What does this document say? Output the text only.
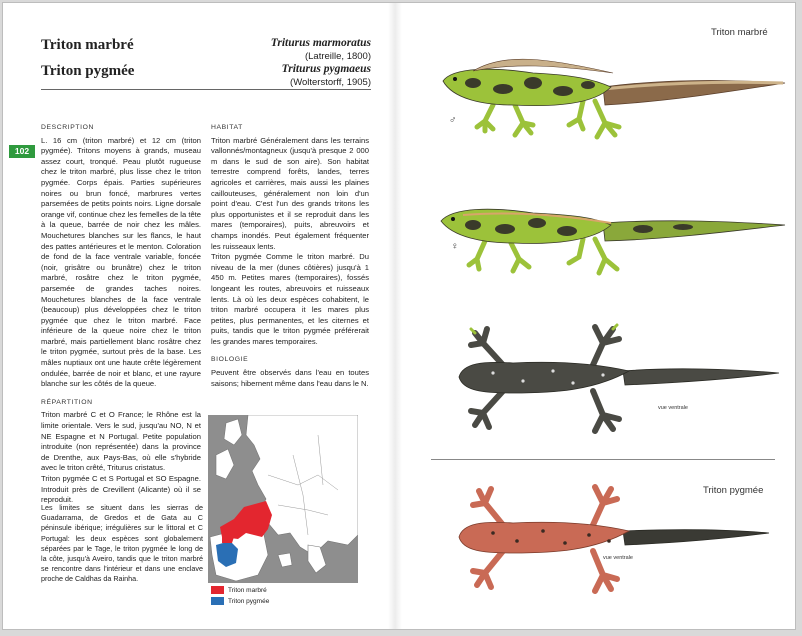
102
Triton marbré	Triturus marmoratus
(Latreille, 1800)
Triton pygmée	Triturus pygmaeus
(Wolterstorff, 1905)
DESCRIPTION

L. 16 cm (triton marbré) et 12 cm (triton pygmée). Tritons moyens à grands, museau assez court, tronqué. Peau plutôt rugueuse chez le triton marbré, plus lisse chez le triton pygmée. Corps épais. Parties supérieures noires ou brun foncé, marbrures vertes parsemées de petits points noirs. Ligne dorsale orange vif, continue chez les femelles de la tête à la queue, barrée de noir chez les mâles. Mouchetures blanches sur les flancs, le haut des pattes antérieures et le menton. Coloration de fond de la face ventrale variable, foncée (noir, grisâtre ou brunâtre) chez le triton marbré, rosâtre chez le triton pygmée, parsemée de grandes taches noires. Mouchetures blanches de la face ventrale (beaucoup) plus développées chez le triton pygmée que chez le triton marbré. Face inférieure de la queue noire chez le triton marbré, mais partiellement blanc rosâtre chez le triton pygmée, surtout près de la base. Les mâles nuptiaux ont une haute crête légèrement ondulée, barrée de noir et blanc, et une rayure blanche sur les côtés de la queue.

RÉPARTITION

Triton marbré C et O France; le Rhône est la limite orientale. Vers le sud, jusqu'au NO, N et NE Espagne et N Portugal. Petite population introduite (non représentée) dans la province de Drenthe, aux Pays-Bas, où elle s'hybride avec le triton crêté, Triturus cristatus.

Triton pygmée C et S Portugal et SO Espagne. Introduit près de Crevillent (Alicante) où il se reproduit.

Les limites se situent dans les sierras de Guadarrama, de Gredos et de Gata au C péninsule ibérique; irrégulières sur le littoral et C Portugal: les deux espèces sont globalement séparées par le Tage, le triton pygmée le long de la côte, jusqu'à Aveiro, tandis que le triton marbré se rencontre dans l'intérieur et dans une enclave proche de Caldhas da Rainha.

HABITAT

Triton marbré Généralement dans les terrains vallonnés/montagneux (jusqu'à presque 2 000 m dans le sud de son aire). Son habitat terrestre comprend forêts, landes, terres agricoles et carrières, mais aussi les plaines caillouteuses, généralement non loin d'un point d'eau. C'est l'un des grands tritons les plus opportunistes et il se reproduit dans les mares (temporaires), puits, abreuvoirs et champs inondés. Peut également fréquenter les ruisseaux lents.

Triton pygmée Comme le triton marbré. Du niveau de la mer (dunes côtières) jusqu'à 1 450 m. Petites mares (temporaires), fossés longeant les routes, abreuvoirs et ruisseaux lents. Là où les deux espèces cohabitent, le triton marbré occupera it les mares plus petites, plus permanentes, et les citernes et puits, tandis que le triton pygmée préférerait les grandes mares temporaires.

BIOLOGIE

Peuvent être observés dans l'eau en toutes saisons; hibernent même dans l'eau dans le N.

Triton marbré
Triton pygmée
Triton marbré
♂
♀
vue ventrale
Triton pygmée
vue ventrale
